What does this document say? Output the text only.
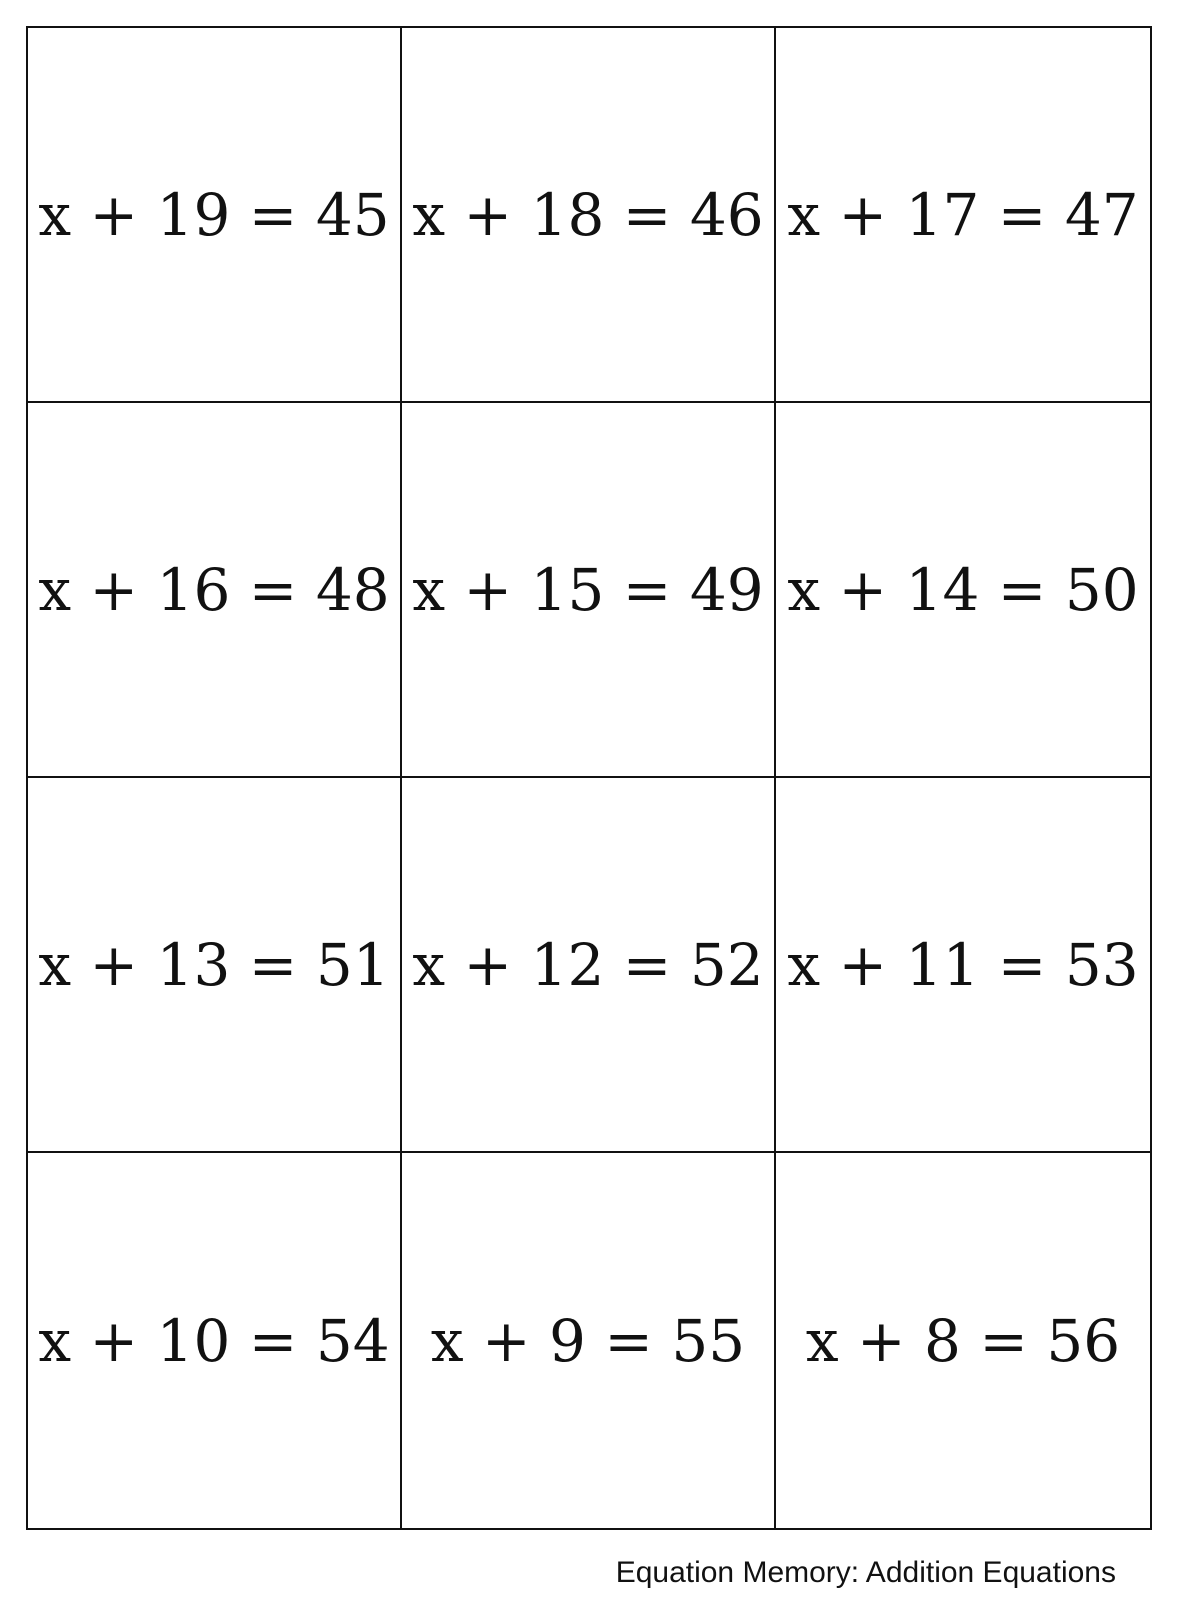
x + 19 = 45 x + 18 = 46 x + 17 = 47
x + 16 = 48 x + 15 = 49 x + 14 = 50
x + 13 = 51 x + 12 = 52 x + 11 = 53
x + 10 = 54 x + 9 = 55 x + 8 = 56
Equation Memory: Addition Equations
